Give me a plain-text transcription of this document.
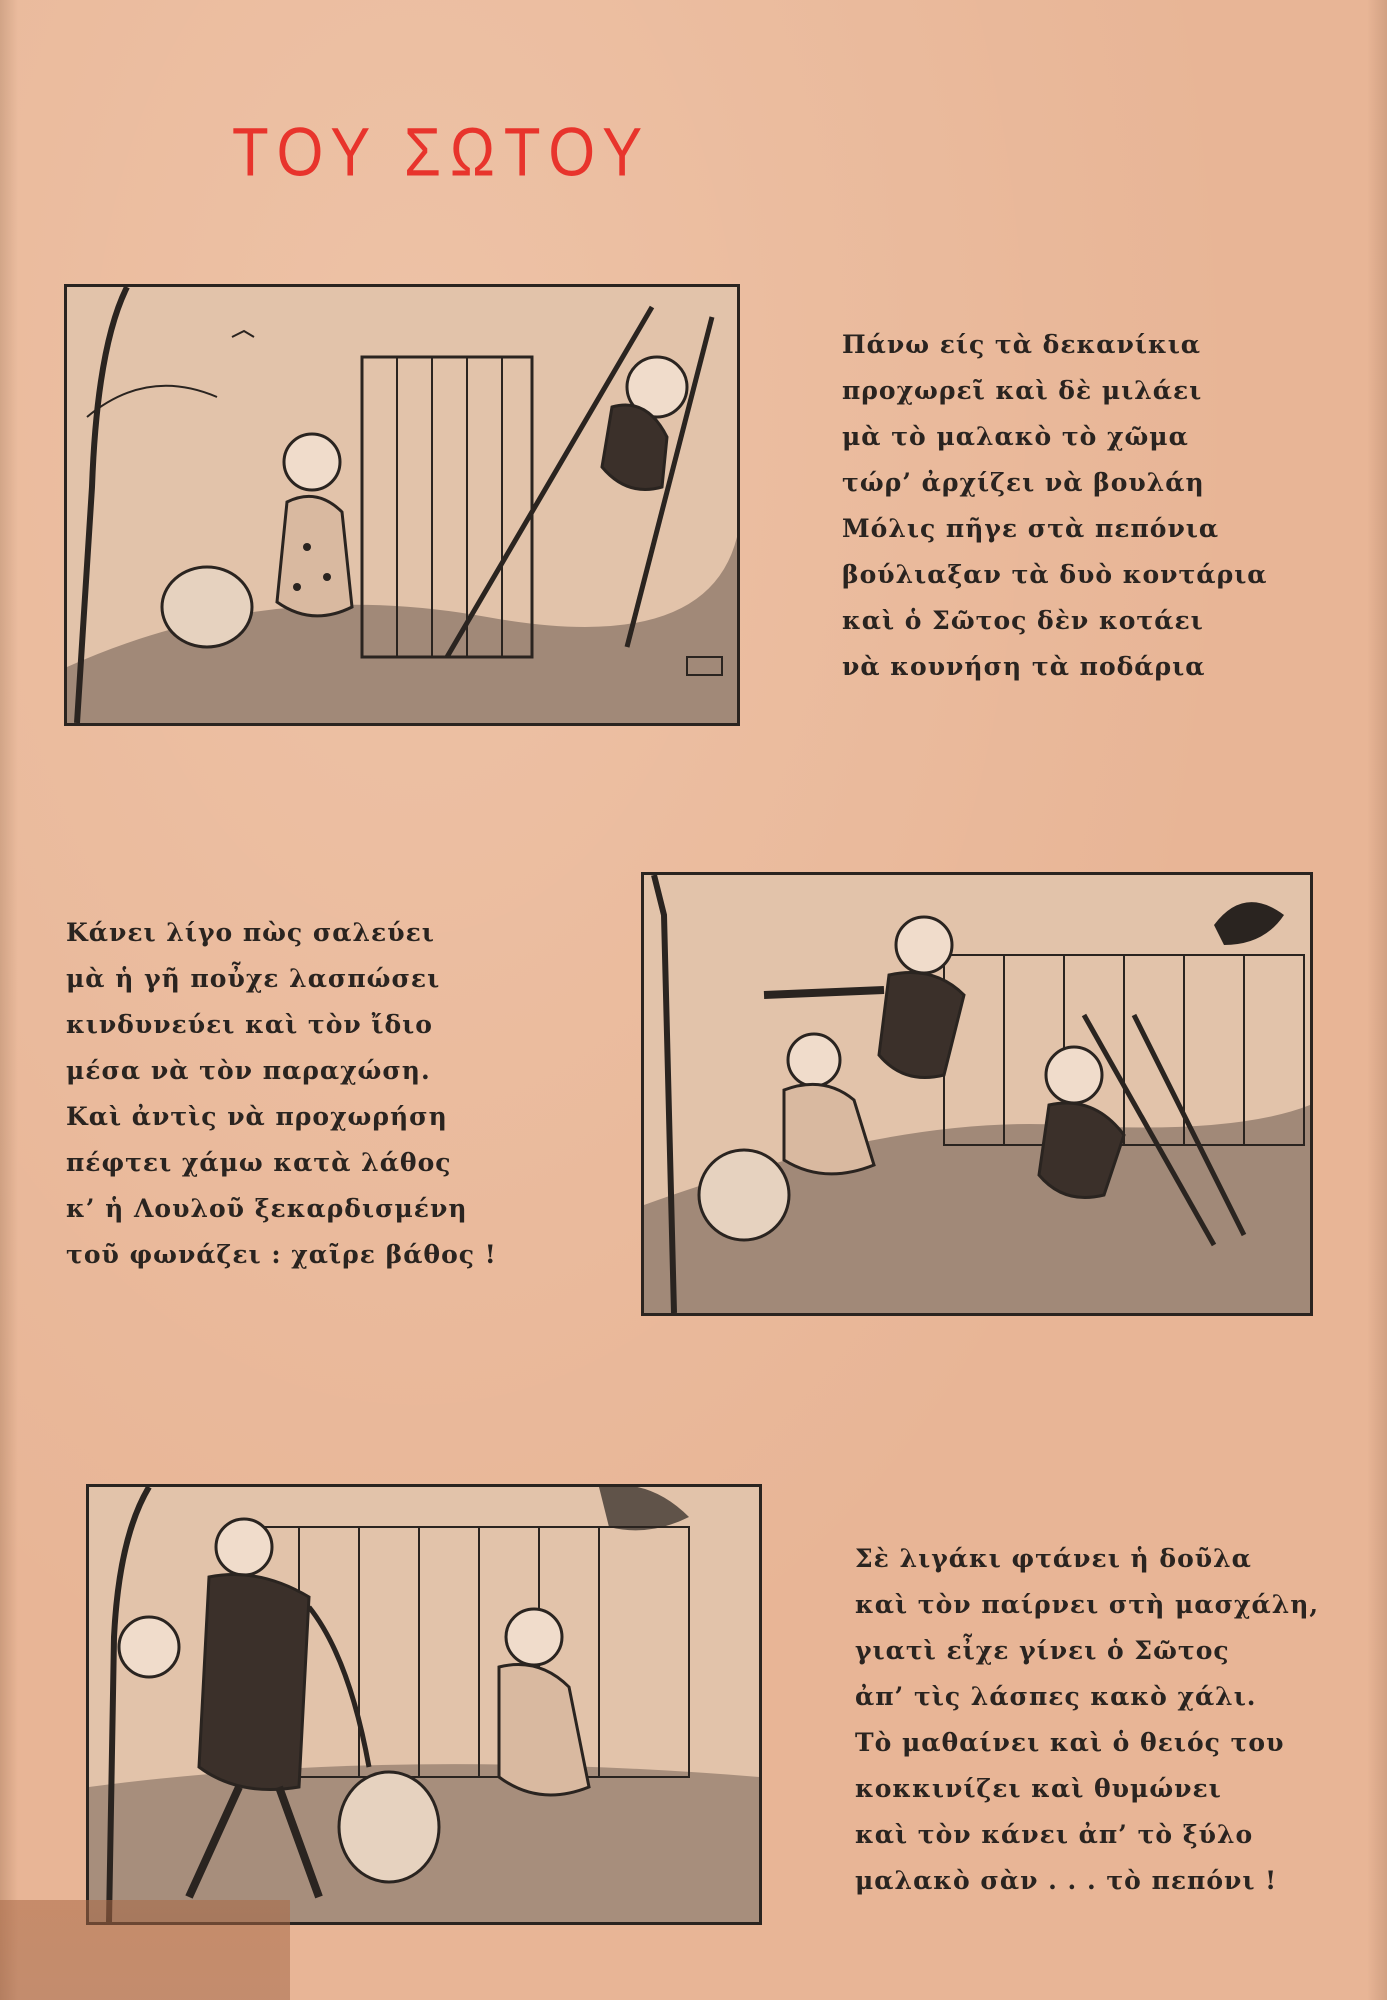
ΤΟΥ ΣΩΤΟΥ
Πάνω είς τὰ δεκανίκια
προχωρεῖ καὶ δὲ μιλάει
μὰ τὸ μαλακὸ τὸ χῶμα
τώρ’ ἀρχίζει νὰ βουλάη
Μόλις πῆγε στὰ πεπόνια
βούλιαξαν τὰ δυὸ κοντάρια
καὶ ὁ Σῶτος δὲν κοτάει
νὰ κουνήση τὰ ποδάρια
Κάνει λίγο πὼς σαλεύει
μὰ ἡ γῆ ποὖχε λασπώσει
κινδυνεύει καὶ τὸν ἴδιο
μέσα νὰ τὸν παραχώση.
Καὶ ἀντὶς νὰ προχωρήση
πέφτει χάμω κατὰ λάθος
κ’ ἡ Λουλοῦ ξεκαρδισμένη
τοῦ φωνάζει : χαῖρε βάθος !
Σὲ λιγάκι φτάνει ἡ δοῦλα
καὶ τὸν παίρνει στὴ μασχάλη,
γιατὶ εἶχε γίνει ὁ Σῶτος
ἀπ’ τὶς λάσπες κακὸ χάλι.
Τὸ μαθαίνει καὶ ὁ θειός του
κοκκινίζει καὶ θυμώνει
καὶ τὸν κάνει ἀπ’ τὸ ξύλο
μαλακὸ σὰν . . . τὸ πεπόνι !
